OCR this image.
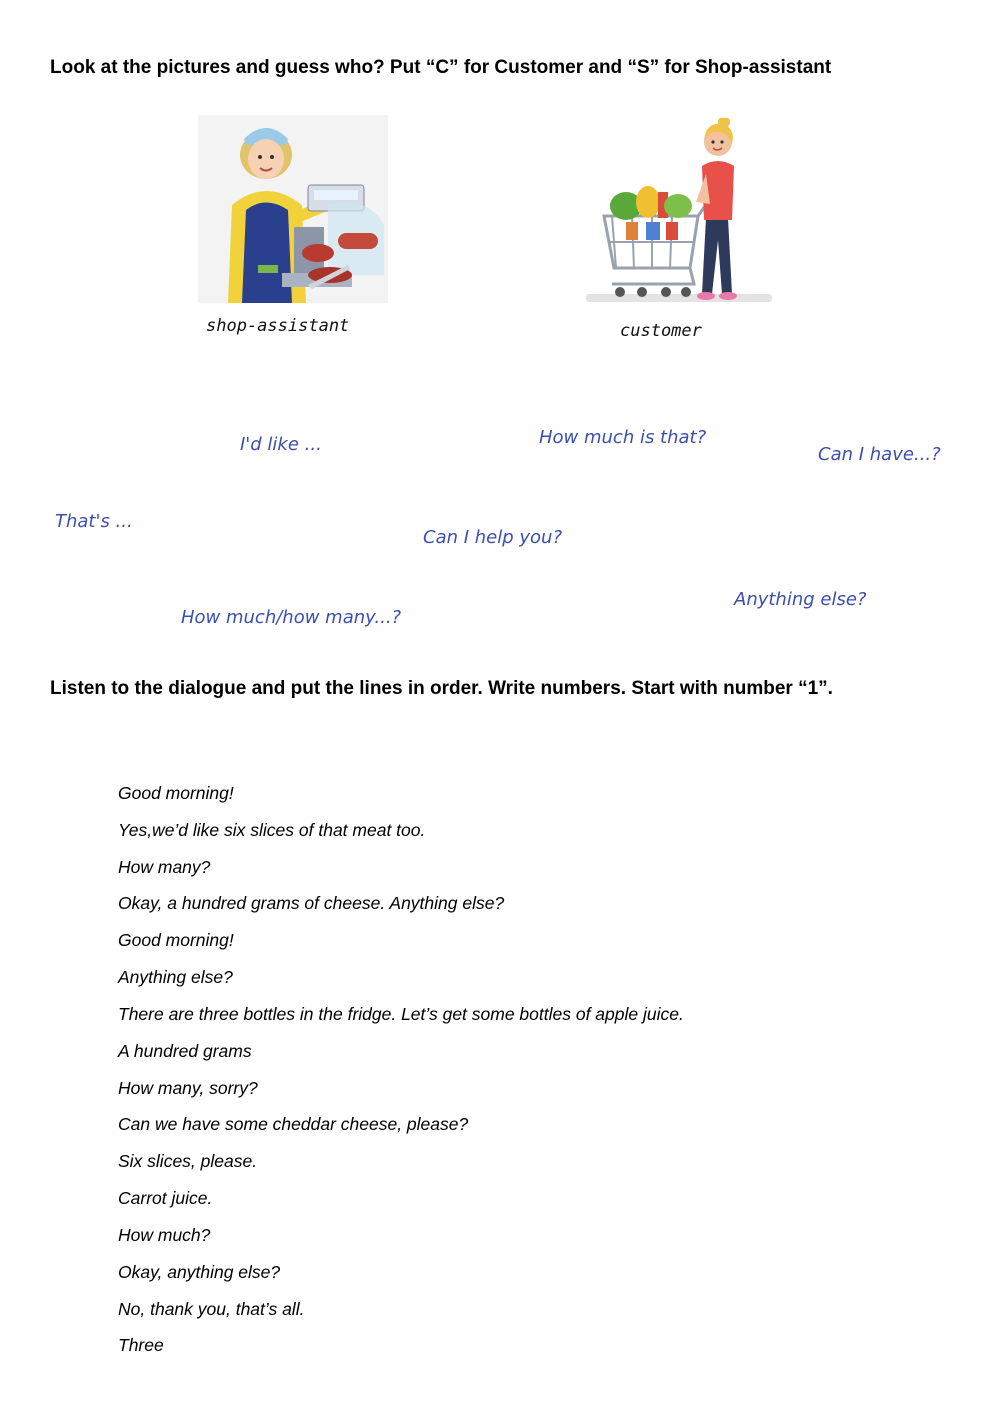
Look at the pictures and guess who? Put “C” for Customer and “S” for Shop-assistant
shop-assistant	customer
I'd like ...	How much is that?
Can I have...?
That's ...
Can I help you?
Anything else?
How much/how many...?
Listen to the dialogue and put the lines in order. Write numbers. Start with number “1”.
Good morning!
Yes,we’d like six slices of that meat too.
How many?
Okay, a hundred grams of cheese. Anything else?
Good morning!
Anything else?
There are three bottles in the fridge. Let’s get some bottles of apple juice.
A hundred grams
How many, sorry?
Can we have some cheddar cheese, please?
Six slices, please.
Carrot juice.
How much?
Okay, anything else?
No, thank you, that’s all.
Three
